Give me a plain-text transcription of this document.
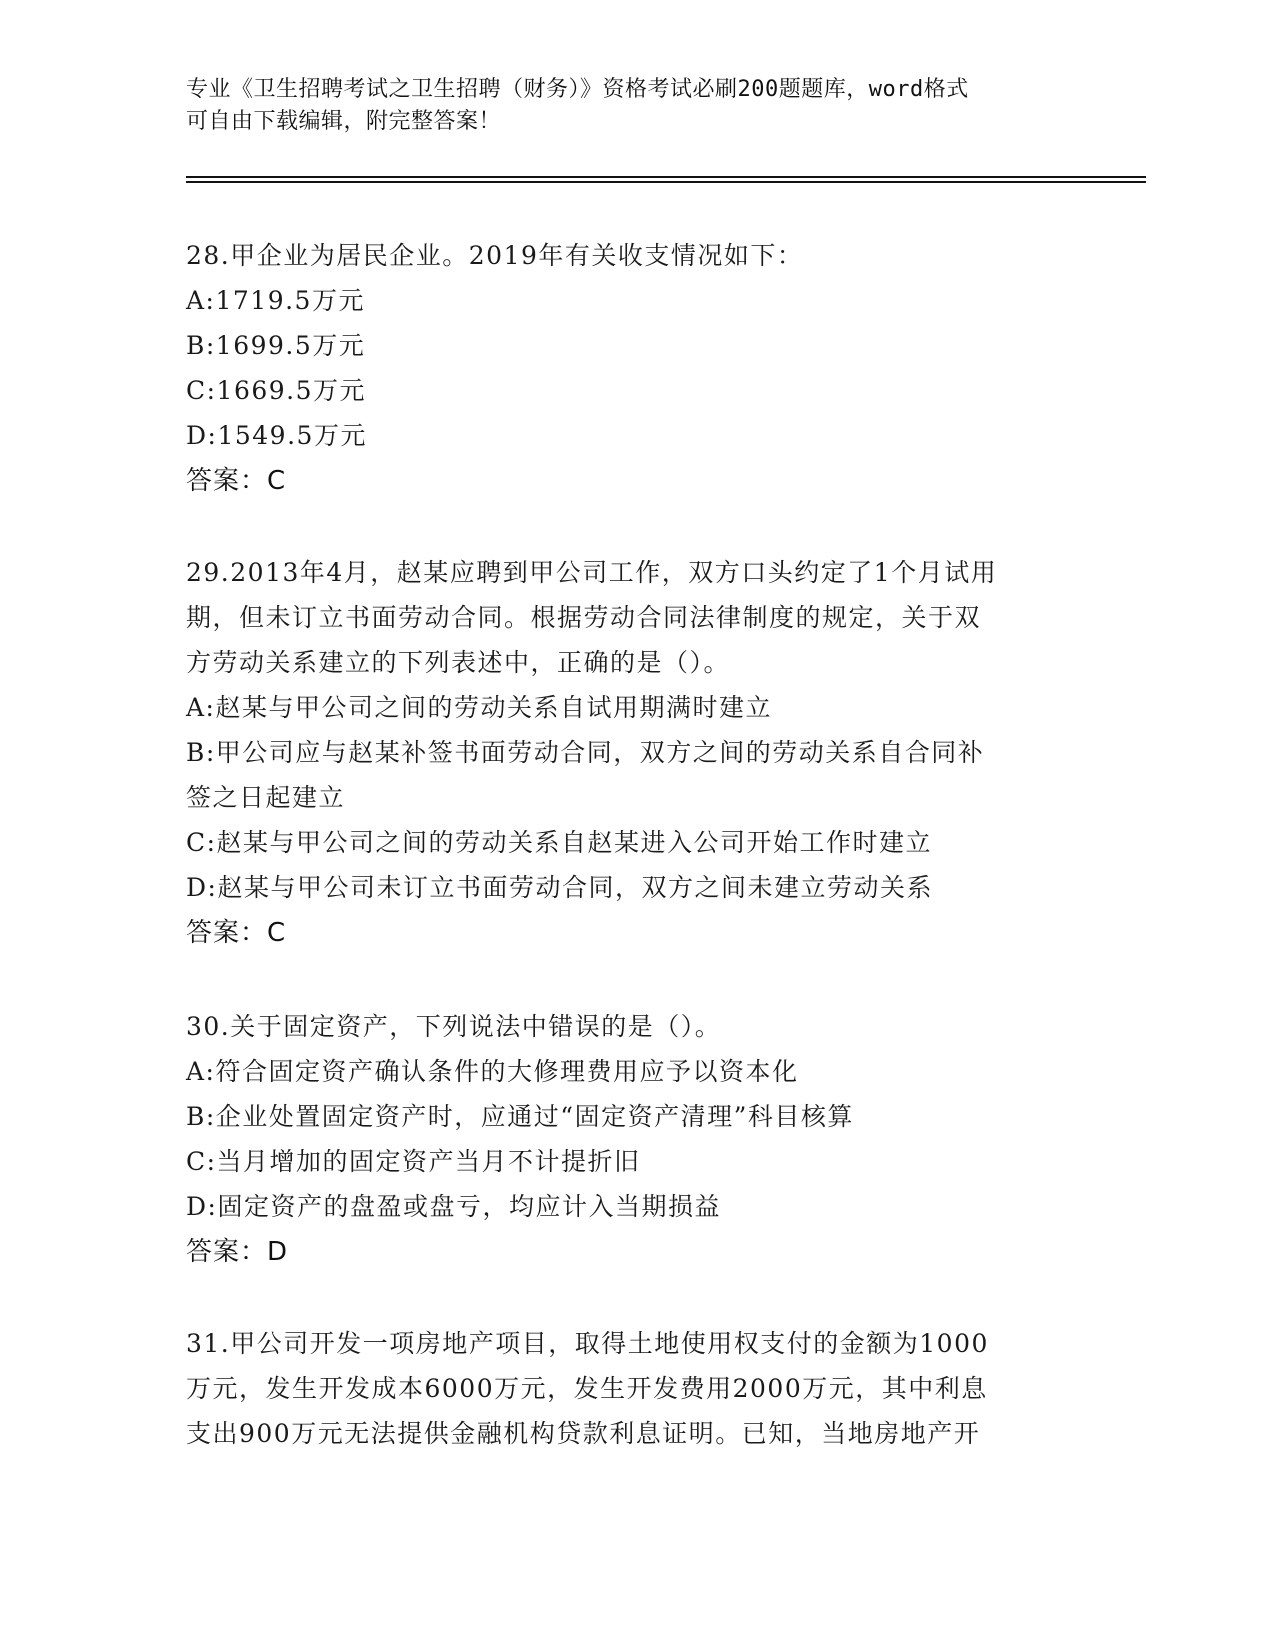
专业《卫生招聘考试之卫生招聘（财务）》资格考试必刷200题题库，word格式
可自由下载编辑，附完整答案！
28.甲企业为居民企业。2019年有关收支情况如下：
A:1719.5万元
B:1699.5万元
C:1669.5万元
D:1549.5万元
答案：C
29.2013年4月，赵某应聘到甲公司工作，双方口头约定了1个月试用
期，但未订立书面劳动合同。根据劳动合同法律制度的规定，关于双
方劳动关系建立的下列表述中，正确的是（）。
A:赵某与甲公司之间的劳动关系自试用期满时建立
B:甲公司应与赵某补签书面劳动合同，双方之间的劳动关系自合同补
签之日起建立
C:赵某与甲公司之间的劳动关系自赵某进入公司开始工作时建立
D:赵某与甲公司未订立书面劳动合同，双方之间未建立劳动关系
答案：C
30.关于固定资产，下列说法中错误的是（）。
A:符合固定资产确认条件的大修理费用应予以资本化
B:企业处置固定资产时，应通过“固定资产清理”科目核算
C:当月增加的固定资产当月不计提折旧
D:固定资产的盘盈或盘亏，均应计入当期损益
答案：D
31.甲公司开发一项房地产项目，取得土地使用权支付的金额为1000
万元，发生开发成本6000万元，发生开发费用2000万元，其中利息
支出900万元无法提供金融机构贷款利息证明。已知，当地房地产开
